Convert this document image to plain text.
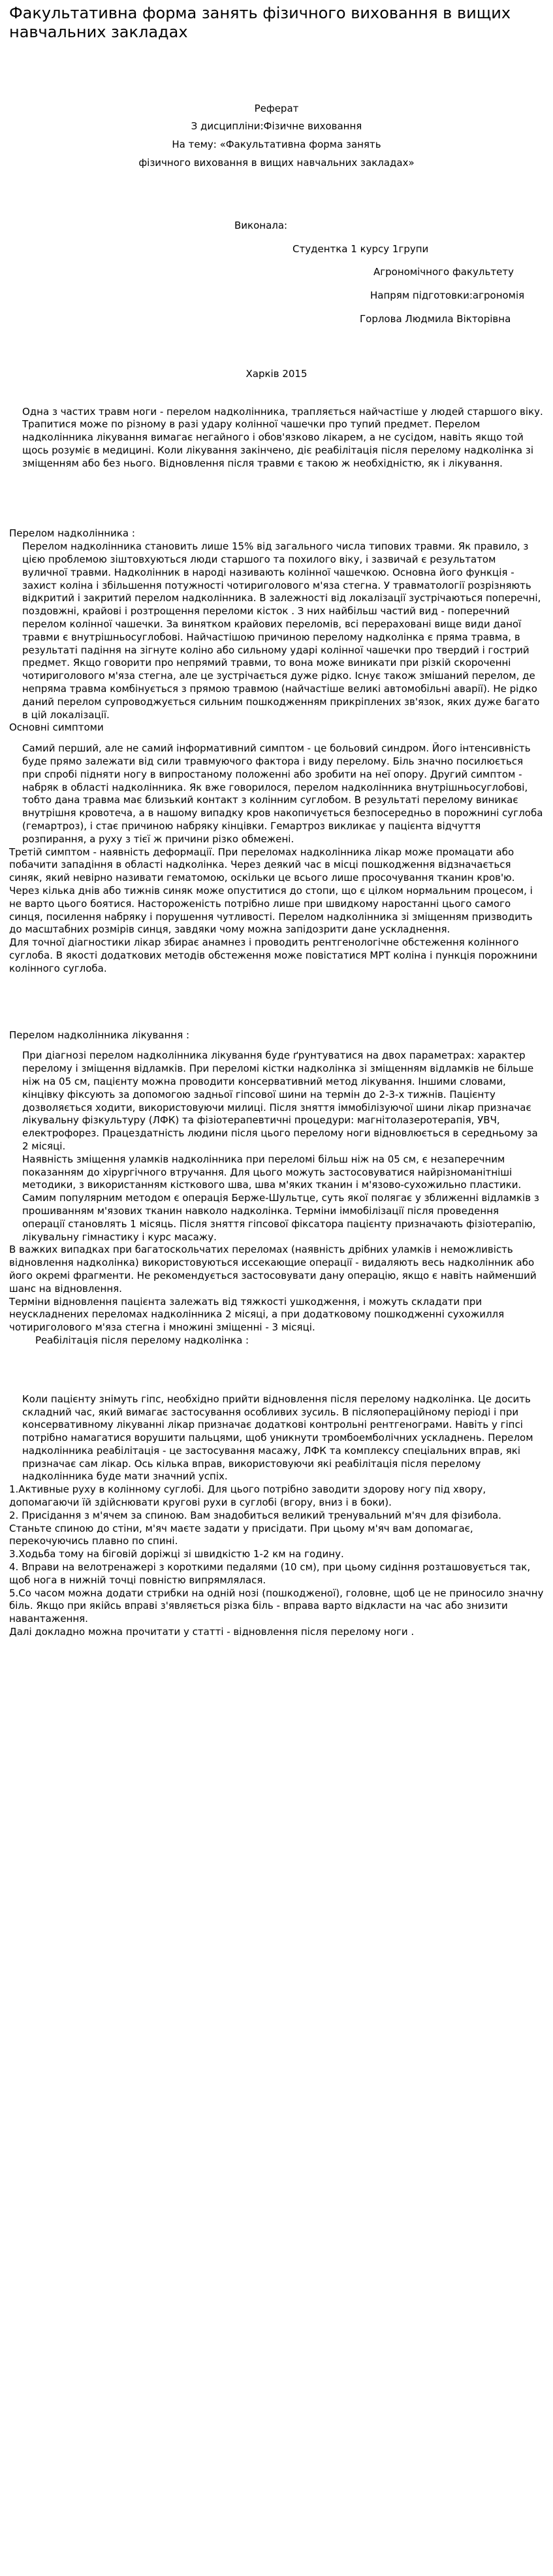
Факультативна форма занять фізичного виховання в вищих навчальних закладах

Реферат

З дисципліни:Фізичне виховання

На тему: «Факультативна форма занять

фізичного виховання в вищих навчальних закладах»

Виконала:

Студентка 1 курсу 1групи

Агрономічного факультету

Напрям підготовки:агрономія

Горлова Людмила Вікторівна

Харків 2015

Одна з частих травм ноги - перелом надколінника, трапляється найчастіше у людей старшого віку. Трапитися може по різному в разі удару колінної чашечки про тупий предмет. Перелом надколінника лікування вимагає негайного і обов'язково лікарем, а не сусідом, навіть якщо той щось розуміє в медицині. Коли лікування закінчено, діє реабілітація після перелому надколінка зі зміщенням або без нього. Відновлення після травми є такою ж необхідністю, як і лікування.

Перелом надколінника :

Перелом надколінника становить лише 15% від загального числа типових травми. Як правило, з цією проблемою зіштовхуються люди старшого та похилого віку, і зазвичай є результатом вуличної травми. Надколінник в народі називають колінної чашечкою. Основна його функція - захист коліна і збільшення потужності чотириголового м'яза стегна. У травматології розрізняють відкритий і закритий перелом надколінника. В залежності від локалізації зустрічаються поперечні, поздовжні, крайові і розтрощення переломи кісток . З них найбільш частий вид - поперечний перелом колінної чашечки. За винятком крайових переломів, всі перераховані вище види даної травми є внутрішньосуглобові. Найчастішою причиною перелому надколінка є пряма травма, в результаті падіння на зігнуте коліно або сильному ударі колінної чашечки про твердий і гострий предмет. Якщо говорити про непрямий травми, то вона може виникати при різкій скороченні чотириголового м'яза стегна, але це зустрічається дуже рідко. Існує також змішаний перелом, де непряма травма комбінується з прямою травмою (найчастіше великі автомобільні аварії). Не рідко даний перелом супроводжується сильним пошкодженням прикріплених зв'язок, яких дуже багато в цій локалізації.

Основні симптоми

Самий перший, але не самий інформативний симптом - це больовий синдром. Його інтенсивність буде прямо залежати від сили травмуючого фактора і виду перелому. Біль значно посилюється при спробі підняти ногу в випростаному положенні або зробити на неї опору. Другий симптом - набряк в області надколінника. Як вже говорилося, перелом надколінника внутрішньосуглобові, тобто дана травма має близький контакт з колінним суглобом. В результаті перелому виникає внутрішня кровотеча, а в нашому випадку кров накопичується безпосередньо в порожнині суглоба (гемартроз), і стає причиною набряку кінцівки. Гемартроз викликає у пацієнта відчуття розпирання, а руху з тієї ж причини різко обмежені.

Третій симптом - наявність деформації. При переломах надколінника лікар може промацати або побачити западіння в області надколінка. Через деякий час в місці пошкодження відзначається синяк, який невірно називати гематомою, оскільки це всього лише просочування тканин кров'ю. Через кілька днів або тижнів синяк може опуститися до стопи, що є цілком нормальним процесом, і не варто цього боятися. Настороженість потрібно лише при швидкому наростанні цього самого синця, посилення набряку і порушення чутливості. Перелом надколінника зі зміщенням призводить до масштабних розмірів синця, завдяки чому можна запідозрити дане ускладнення.

Для точної діагностики лікар збирає анамнез і проводить рентгенологічне обстеження колінного суглоба. В якості додаткових методів обстеження може повістатися МРТ коліна і пункція порожнини колінного суглоба.

Перелом надколінника лікування :

При діагнозі перелом надколінника лікування буде ґрунтуватися на двох параметрах: характер перелому і зміщення відламків. При переломі кістки надколінка зі зміщенням відламків не більше ніж на 05 см, пацієнту можна проводити консервативний метод лікування. Іншими словами, кінцівку фіксують за допомогою задньої гіпсової шини на термін до 2-3-х тижнів. Пацієнту дозволяється ходити, використовуючи милиці. Після зняття іммобілізуючої шини лікар призначає лікувальну фізкультуру (ЛФК) та фізіотерапевтичні процедури: магнітолазеротерапія, УВЧ, електрофорез. Працездатність людини після цього перелому ноги відновлюється в середньому за 2 місяці.

Наявність зміщення уламків надколінника при переломі більш ніж на 05 см, є незаперечним показанням до хірургічного втручання. Для цього можуть застосовуватися найрізноманітніші методики, з використанням кісткового шва, шва м'яких тканин і м'язово-сухожильно пластики. Самим популярним методом є операція Берже-Шультце, суть якої полягає у зближенні відламків з прошиванням м'язових тканин навколо надколінка. Терміни іммобілізації після проведення операції становлять 1 місяць. Після зняття гіпсової фіксатора пацієнту призначають фізіотерапію, лікувальну гімнастику і курс масажу.

В важких випадках при багатоскольчатих переломах (наявність дрібних уламків і неможливість відновлення надколінка) використовуються иссекающие операції - видаляють весь надколінник або його окремі фрагменти. Не рекомендується застосовувати дану операцію, якщо є навіть найменший шанс на відновлення.

Терміни відновлення пацієнта залежать від тяжкості ушкодження, і можуть складати при неускладнених переломах надколінника 2 місяці, а при додатковому пошкодженні сухожилля чотириголового м'яза стегна і множині зміщенні - 3 місяці.

Реабілітація після перелому надколінка :

Коли пацієнту знімуть гіпс, необхідно прийти відновлення після перелому надколінка. Це досить складний час, який вимагає застосування особливих зусиль. В післяопераційному періоді і при консервативному лікуванні лікар призначає додаткові контрольні рентгенограми. Навіть у гіпсі потрібно намагатися ворушити пальцями, щоб уникнути тромбоемболічних ускладнень. Перелом надколінника реабілітація - це застосування масажу, ЛФК та комплексу спеціальних вправ, які призначає сам лікар. Ось кілька вправ, використовуючи які реабілітація після перелому надколінника буде мати значний успіх.

1.Активные руху в колінному суглобі. Для цього потрібно заводити здорову ногу під хвору, допомагаючи їй здійснювати кругові рухи в суглобі (вгору, вниз і в боки).

2. Присідання з м'ячем за спиною. Вам знадобиться великий тренувальний м'яч для фізибола. Станьте спиною до стіни, м'яч маєте задати у присідати. При цьому м'яч вам допомагає, перекочуючись плавно по спині.

3.Ходьба тому на біговій доріжці зі швидкістю 1-2 км на годину.

4. Вправи на велотренажері з короткими педалями (10 см), при цьому сидіння розташовується так, щоб нога в нижній точці повністю випрямлялася.

5.Со часом можна додати стрибки на одній нозі (пошкодженої), головне, щоб це не приносило значну біль. Якщо при якійсь вправі з'являється різка біль - вправа варто відкласти на час або знизити навантаження.

Далі докладно можна прочитати у статті - відновлення після перелому ноги .
